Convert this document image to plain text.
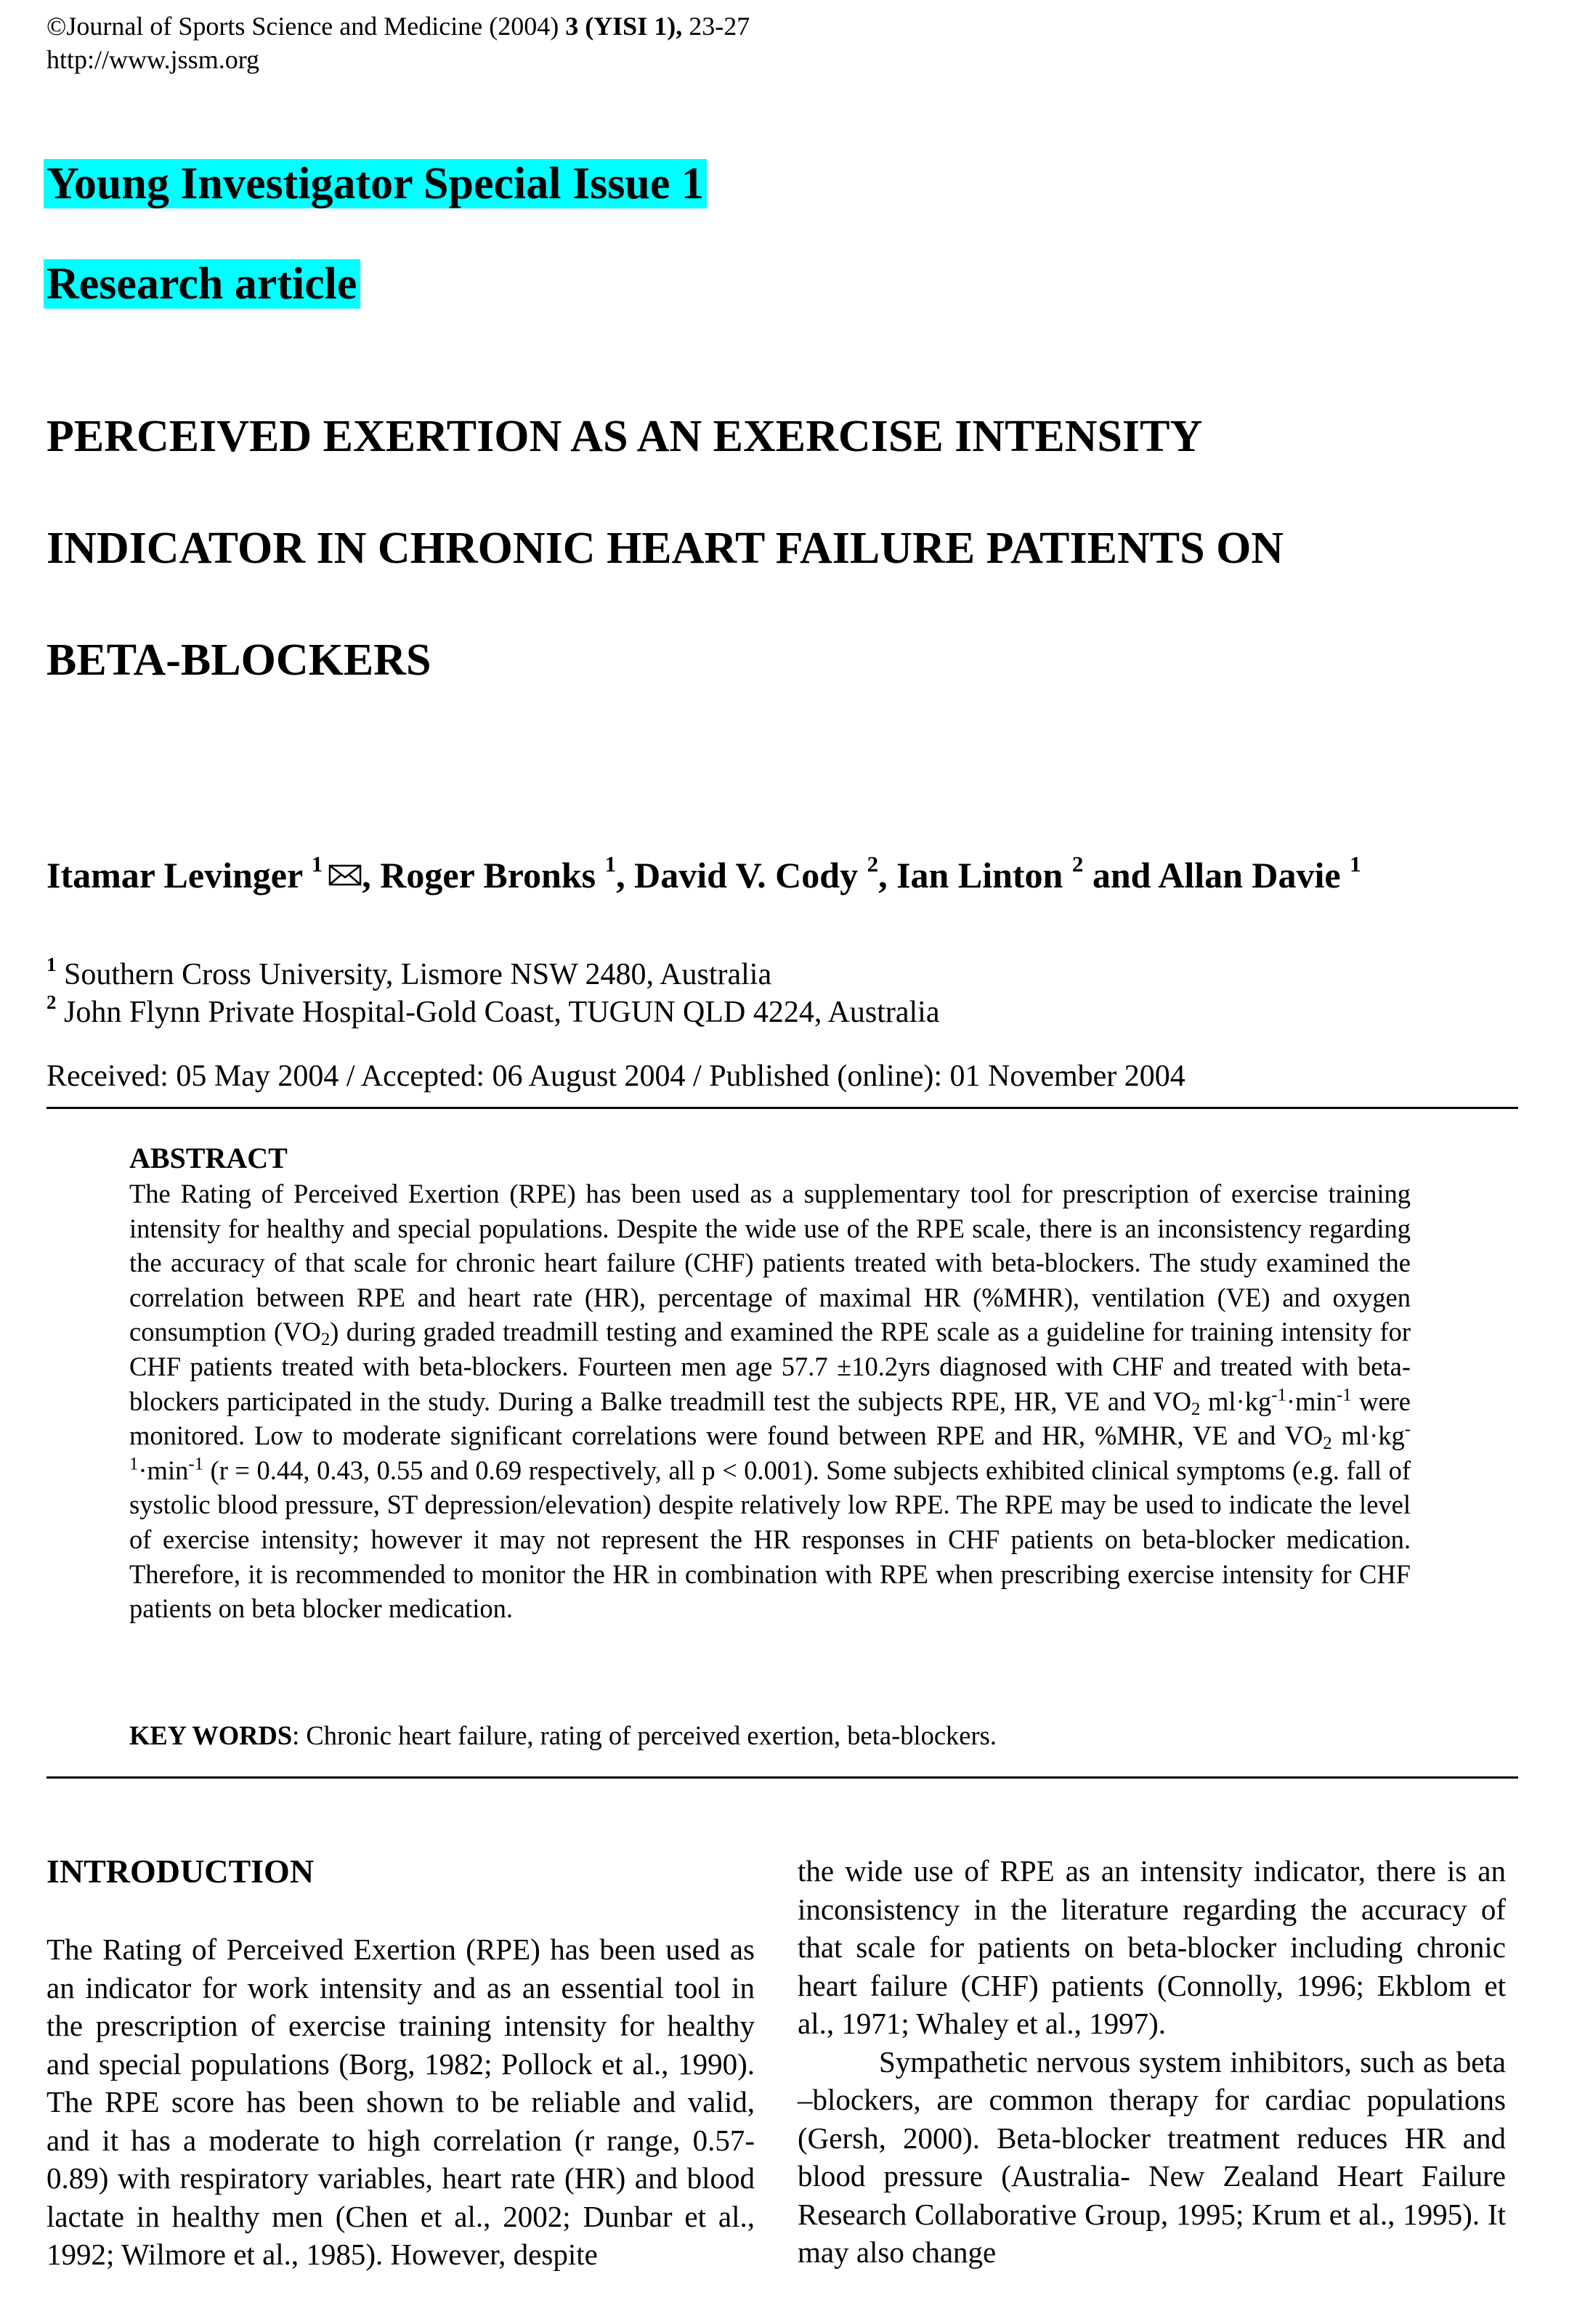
©Journal of Sports Science and Medicine (2004) 3 (YISI 1), 23-27
http://www.jssm.org
Young Investigator Special Issue 1
Research article
PERCEIVED EXERTION AS AN EXERCISE INTENSITY
INDICATOR IN CHRONIC HEART FAILURE PATIENTS ON
BETA-BLOCKERS
Itamar Levinger $^1$ , Roger Bronks $^1$, David V. Cody $^2$, Ian Linton $^2$ and Allan Davie $^1$
$^1$ Southern Cross University, Lismore NSW 2480, Australia
$^2$ John Flynn Private Hospital-Gold Coast, TUGUN QLD 4224, Australia
Received: 05 May 2004 / Accepted: 06 August 2004 / Published (online): 01 November 2004
ABSTRACT

The Rating of Perceived Exertion (RPE) has been used as a supplementary tool for prescription of exercise training intensity for healthy and special populations. Despite the wide use of the RPE scale, there is an inconsistency regarding the accuracy of that scale for chronic heart failure (CHF) patients treated with beta-blockers. The study examined the correlation between RPE and heart rate (HR), percentage of maximal HR (%MHR), ventilation (VE) and oxygen consumption $(VO_2)$ during graded treadmill testing and examined the RPE scale as a guideline for training intensity for CHF patients treated with beta-blockers. Fourteen men age 57.7 ±10.2yrs diagnosed with CHF and treated with beta-blockers participated in the study. During a Balke treadmill test the subjects RPE, HR, VE and $VO_2$ $ml\cdot kg^{-1}\cdot\min^{-1}$ were monitored. Low to moderate significant correlations were found between RPE and HR, %MHR, VE and $VO_2$ $ml\cdot kg^{-1}\cdot\min^{-1}$ (r = 0.44, 0.43, 0.55 and 0.69 respectively, all p < 0.001). Some subjects exhibited clinical symptoms (e.g. fall of systolic blood pressure, ST depression/elevation) despite relatively low RPE. The RPE may be used to indicate the level of exercise intensity; however it may not represent the HR responses in CHF patients on beta-blocker medication. Therefore, it is recommended to monitor the HR in combination with RPE when prescribing exercise intensity for CHF patients on beta blocker medication.

KEY WORDS: Chronic heart failure, rating of perceived exertion, beta-blockers.
INTRODUCTION

The Rating of Perceived Exertion (RPE) has been used as an indicator for work intensity and as an essential tool in the prescription of exercise training intensity for healthy and special populations (Borg, 1982; Pollock et al., 1990). The RPE score has been shown to be reliable and valid, and it has a moderate to high correlation (r range, 0.57-0.89) with respiratory variables, heart rate (HR) and blood lactate in healthy men (Chen et al., 2002; Dunbar et al., 1992; Wilmore et al., 1985). However, despite

the wide use of RPE as an intensity indicator, there is an inconsistency in the literature regarding the accuracy of that scale for patients on beta-blocker including chronic heart failure (CHF) patients (Connolly, 1996; Ekblom et al., 1971; Whaley et al., 1997).

Sympathetic nervous system inhibitors, such as beta –blockers, are common therapy for cardiac populations (Gersh, 2000). Beta-blocker treatment reduces HR and blood pressure (Australia- New Zealand Heart Failure Research Collaborative Group, 1995; Krum et al., 1995). It may also change
